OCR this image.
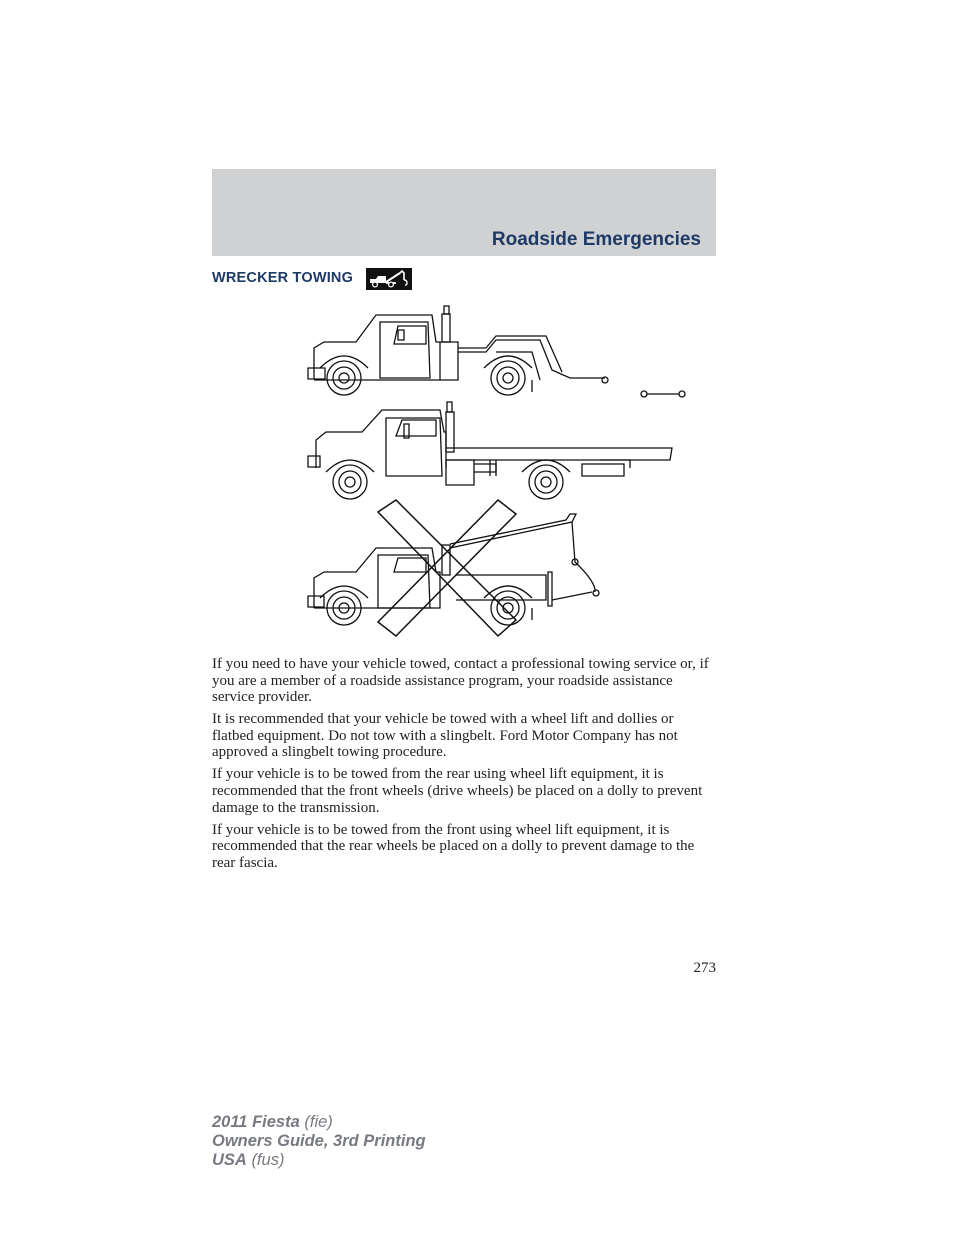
Roadside Emergencies
WRECKER TOWING

If you need to have your vehicle towed, contact a professional towing service or, if you are a member of a roadside assistance program, your roadside assistance service provider.

It is recommended that your vehicle be towed with a wheel lift and dollies or flatbed equipment. Do not tow with a slingbelt. Ford Motor Company has not approved a slingbelt towing procedure.

If your vehicle is to be towed from the rear using wheel lift equipment, it is recommended that the front wheels (drive wheels) be placed on a dolly to prevent damage to the transmission.

If your vehicle is to be towed from the front using wheel lift equipment, it is recommended that the rear wheels be placed on a dolly to prevent damage to the rear fascia.

273
2011 Fiesta (fie)
Owners Guide, 3rd Printing
USA (fus)
